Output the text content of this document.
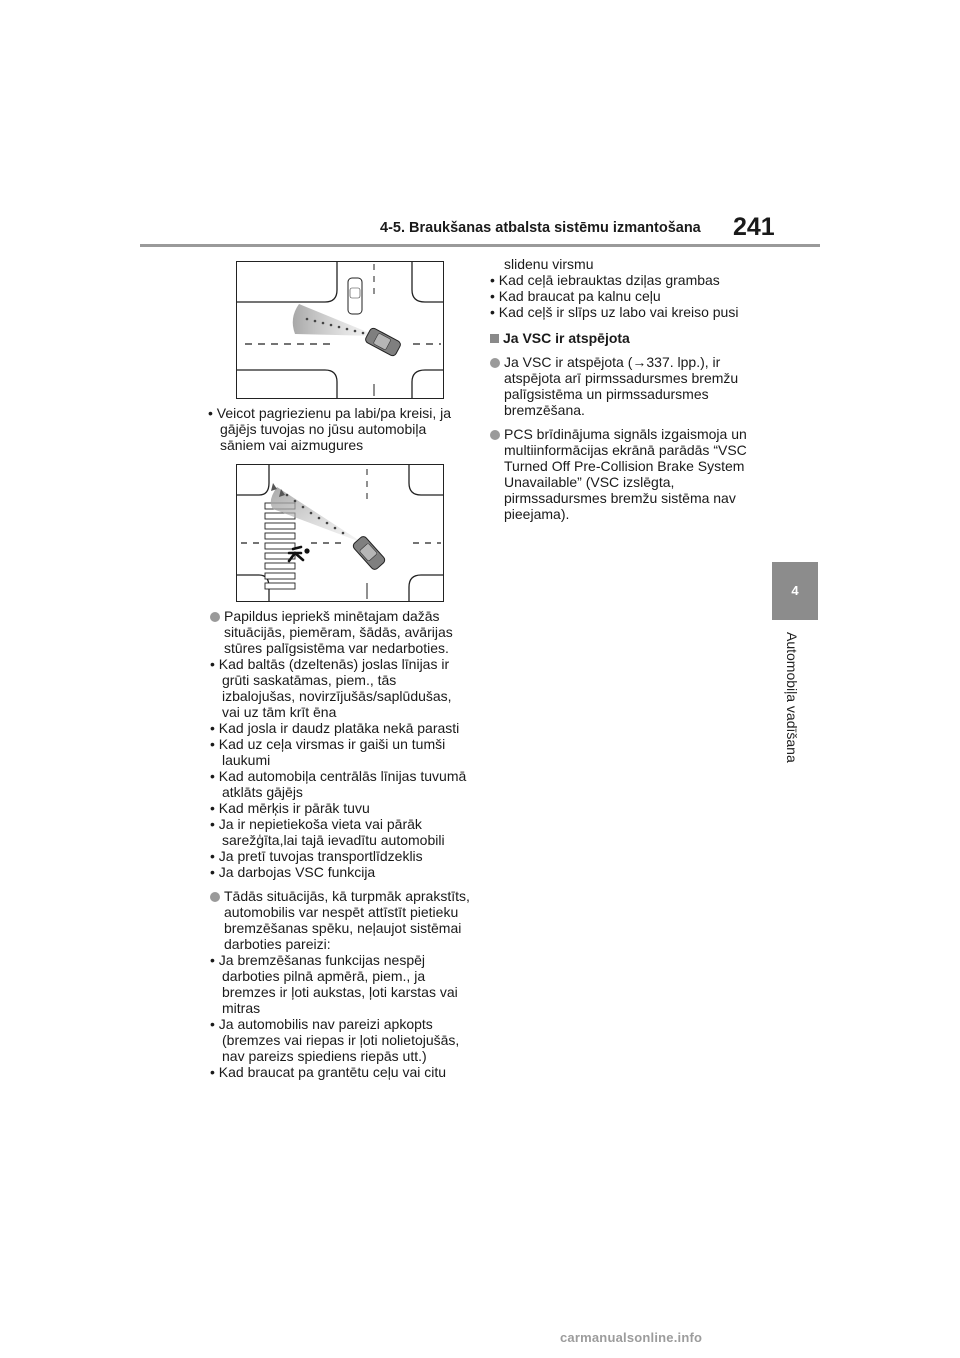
4-5. Braukšanas atbalsta sistēmu izmantošana 241
4
Automobiļa vadīšana

• Veicot pagriezienu pa labi/pa kreisi, ja gājējs tuvojas no jūsu automobiļa sāniem vai aizmugures

Papildus iepriekš minētajam dažās situācijās, piemēram, šādās, avārijas stūres palīgsistēma var nedarboties.

• Kad baltās (dzeltenās) joslas līnijas ir grūti saskatāmas, piem., tās izbalojušas, novirzījušās/saplūdušas, vai uz tām krīt ēna

• Kad josla ir daudz platāka nekā parasti

• Kad uz ceļa virsmas ir gaiši un tumši laukumi

• Kad automobiļa centrālās līnijas tuvumā atklāts gājējs

• Kad mērķis ir pārāk tuvu

• Ja ir nepietiekoša vieta vai pārāk sarežģīta,lai tajā ievadītu automobili

• Ja pretī tuvojas transportlīdzeklis

• Ja darbojas VSC funkcija

Tādās situācijās, kā turpmāk aprakstīts, automobilis var nespēt attīstīt pietieku bremzēšanas spēku, neļaujot sistēmai darboties pareizi:

• Ja bremzēšanas funkcijas nespēj darboties pilnā apmērā, piem., ja bremzes ir ļoti aukstas, ļoti karstas vai mitras

• Ja automobilis nav pareizi apkopts (bremzes vai riepas ir ļoti nolietojušās, nav pareizs spiediens riepās utt.)

• Kad braucat pa grantētu ceļu vai citu

slidenu virsmu

• Kad ceļā iebrauktas dziļas grambas

• Kad braucat pa kalnu ceļu

• Kad ceļš ir slīps uz labo vai kreiso pusi

Ja VSC ir atspējota

Ja VSC ir atspējota (→337. lpp.), ir atspējota arī pirmssadursmes bremžu palīgsistēma un pirmssadursmes bremzēšana.

PCS brīdinājuma signāls izgaismoja un multiinformācijas ekrānā parādās “VSC Turned Off Pre-Collision Brake System Unavailable” (VSC izslēgta, pirmssadursmes bremžu sistēma nav pieejama).

carmanualsonline.info
